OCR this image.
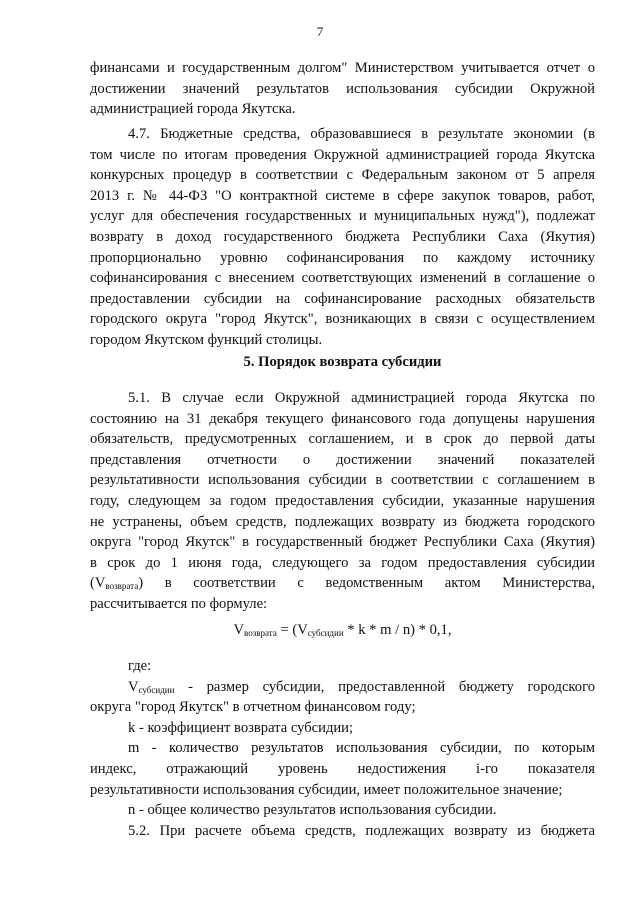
7
финансами и государственным долгом" Министерством учитывается отчет о
достижении значений результатов использования субсидии Окружной
администрацией города Якутска.
4.7. Бюджетные средства, образовавшиеся в результате экономии (в
том числе по итогам проведения Окружной администрацией города Якутска
конкурсных процедур в соответствии с Федеральным законом от 5 апреля
2013 г. № 44-ФЗ "О контрактной системе в сфере закупок товаров, работ,
услуг для обеспечения государственных и муниципальных нужд"), подлежат
возврату в доход государственного бюджета Республики Саха (Якутия)
пропорционально уровню софинансирования по каждому источнику
софинансирования с внесением соответствующих изменений в соглашение о
предоставлении субсидии на софинансирование расходных обязательств
городского округа "город Якутск", возникающих в связи с осуществлением
городом Якутском функций столицы.
5. Порядок возврата субсидии
5.1. В случае если Окружной администрацией города Якутска по
состоянию на 31 декабря текущего финансового года допущены нарушения
обязательств, предусмотренных соглашением, и в срок до первой даты
представления отчетности о достижении значений показателей
результативности использования субсидии в соответствии с соглашением в
году, следующем за годом предоставления субсидии, указанные нарушения
не устранены, объем средств, подлежащих возврату из бюджета городского
округа "город Якутск" в государственный бюджет Республики Саха (Якутия)
в срок до 1 июня года, следующего за годом предоставления субсидии
$(V_{возврата})$ в соответствии с ведомственным актом Министерства,
рассчитывается по формуле:
$V_{возврата} = (V_{субсидии} * k * m / n) * 0,1$,
где:
$V_{субсидии}$ - размер субсидии, предоставленной бюджету городского
округа "город Якутск" в отчетном финансовом году;
k - коэффициент возврата субсидии;
m - количество результатов использования субсидии, по которым
индекс, отражающий уровень недостижения i-го показателя
результативности использования субсидии, имеет положительное значение;
n - общее количество результатов использования субсидии.
5.2. При расчете объема средств, подлежащих возврату из бюджета
